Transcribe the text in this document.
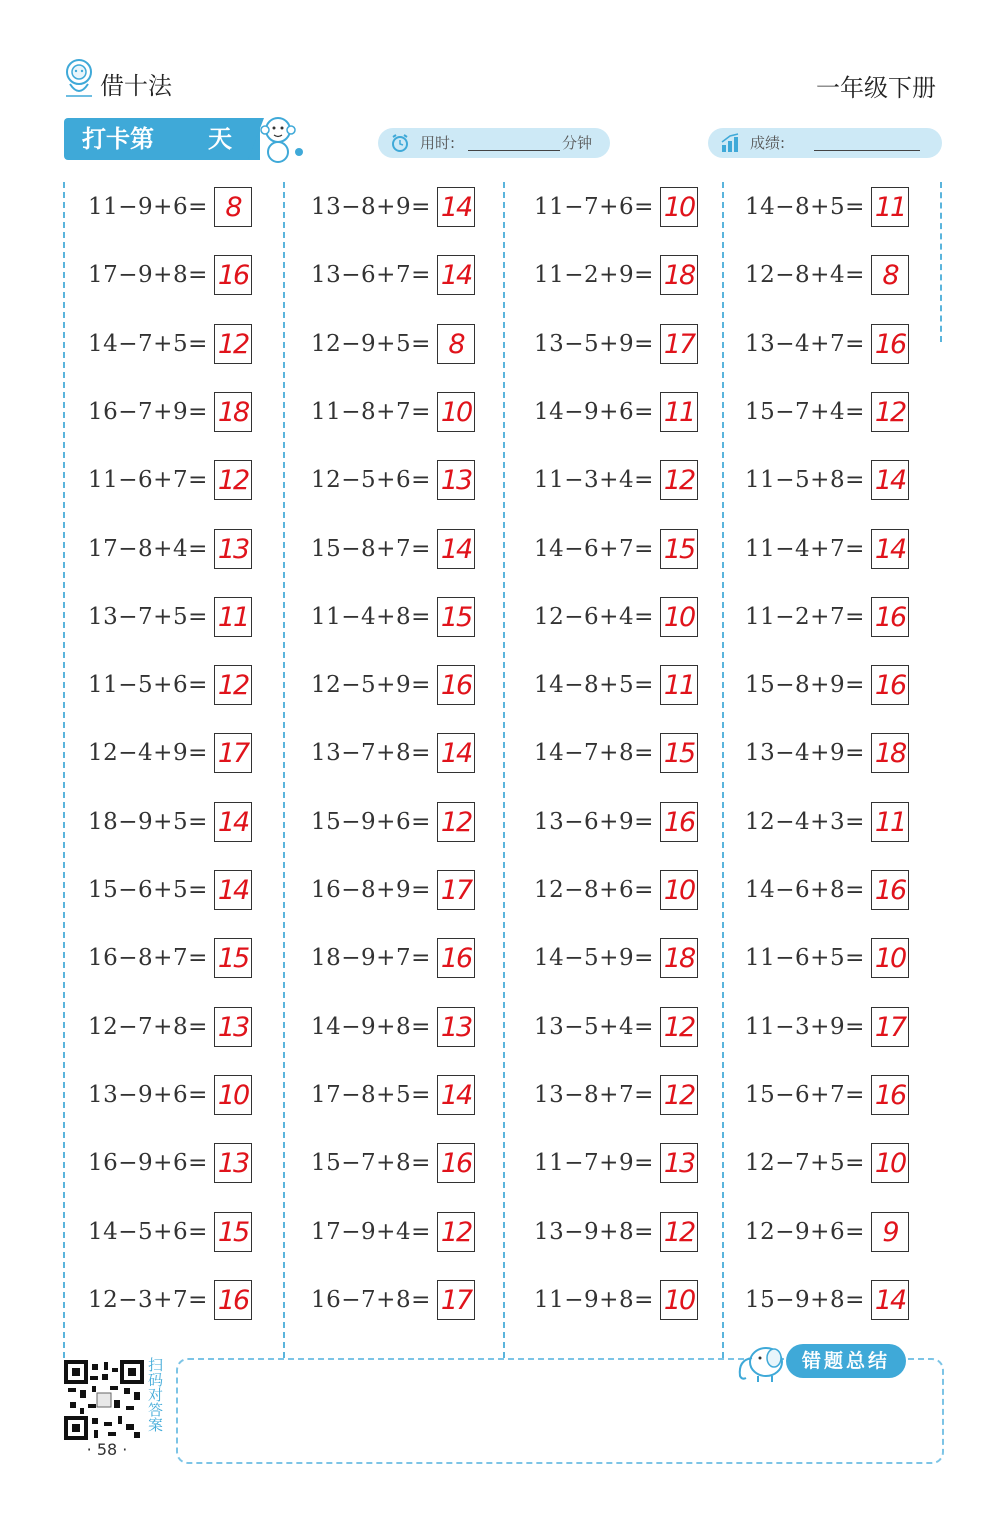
借十法	一年级下册
打卡第 天	用时:	分钟	成绩:
11−9+6= 8
17−9+8= 16
14−7+5= 12
16−7+9= 18
11−6+7= 12
17−8+4= 13
13−7+5= 11
11−5+6= 12
12−4+9= 17
18−9+5= 14
15−6+5= 14
16−8+7= 15
12−7+8= 13
13−9+6= 10
16−9+6= 13
14−5+6= 15
12−3+7= 16
13−8+9= 14
13−6+7= 14
12−9+5= 8
11−8+7= 10
12−5+6= 13
15−8+7= 14
11−4+8= 15
12−5+9= 16
13−7+8= 14
15−9+6= 12
16−8+9= 17
18−9+7= 16
14−9+8= 13
17−8+5= 14
15−7+8= 16
17−9+4= 12
16−7+8= 17
11−7+6= 10
11−2+9= 18
13−5+9= 17
14−9+6= 11
11−3+4= 12
14−6+7= 15
12−6+4= 10
14−8+5= 11
14−7+8= 15
13−6+9= 16
12−8+6= 10
14−5+9= 18
13−5+4= 12
13−8+7= 12
11−7+9= 13
13−9+8= 12
11−9+8= 10
14−8+5= 11
12−8+4= 8
13−4+7= 16
15−7+4= 12
11−5+8= 14
11−4+7= 14
11−2+7= 16
15−8+9= 16
13−4+9= 18
12−4+3= 11
14−6+8= 16
11−6+5= 10
11−3+9= 17
15−6+7= 16
12−7+5= 10
12−9+6= 9
15−9+8= 14
扫码对答案
· 58 ·
错题总结
